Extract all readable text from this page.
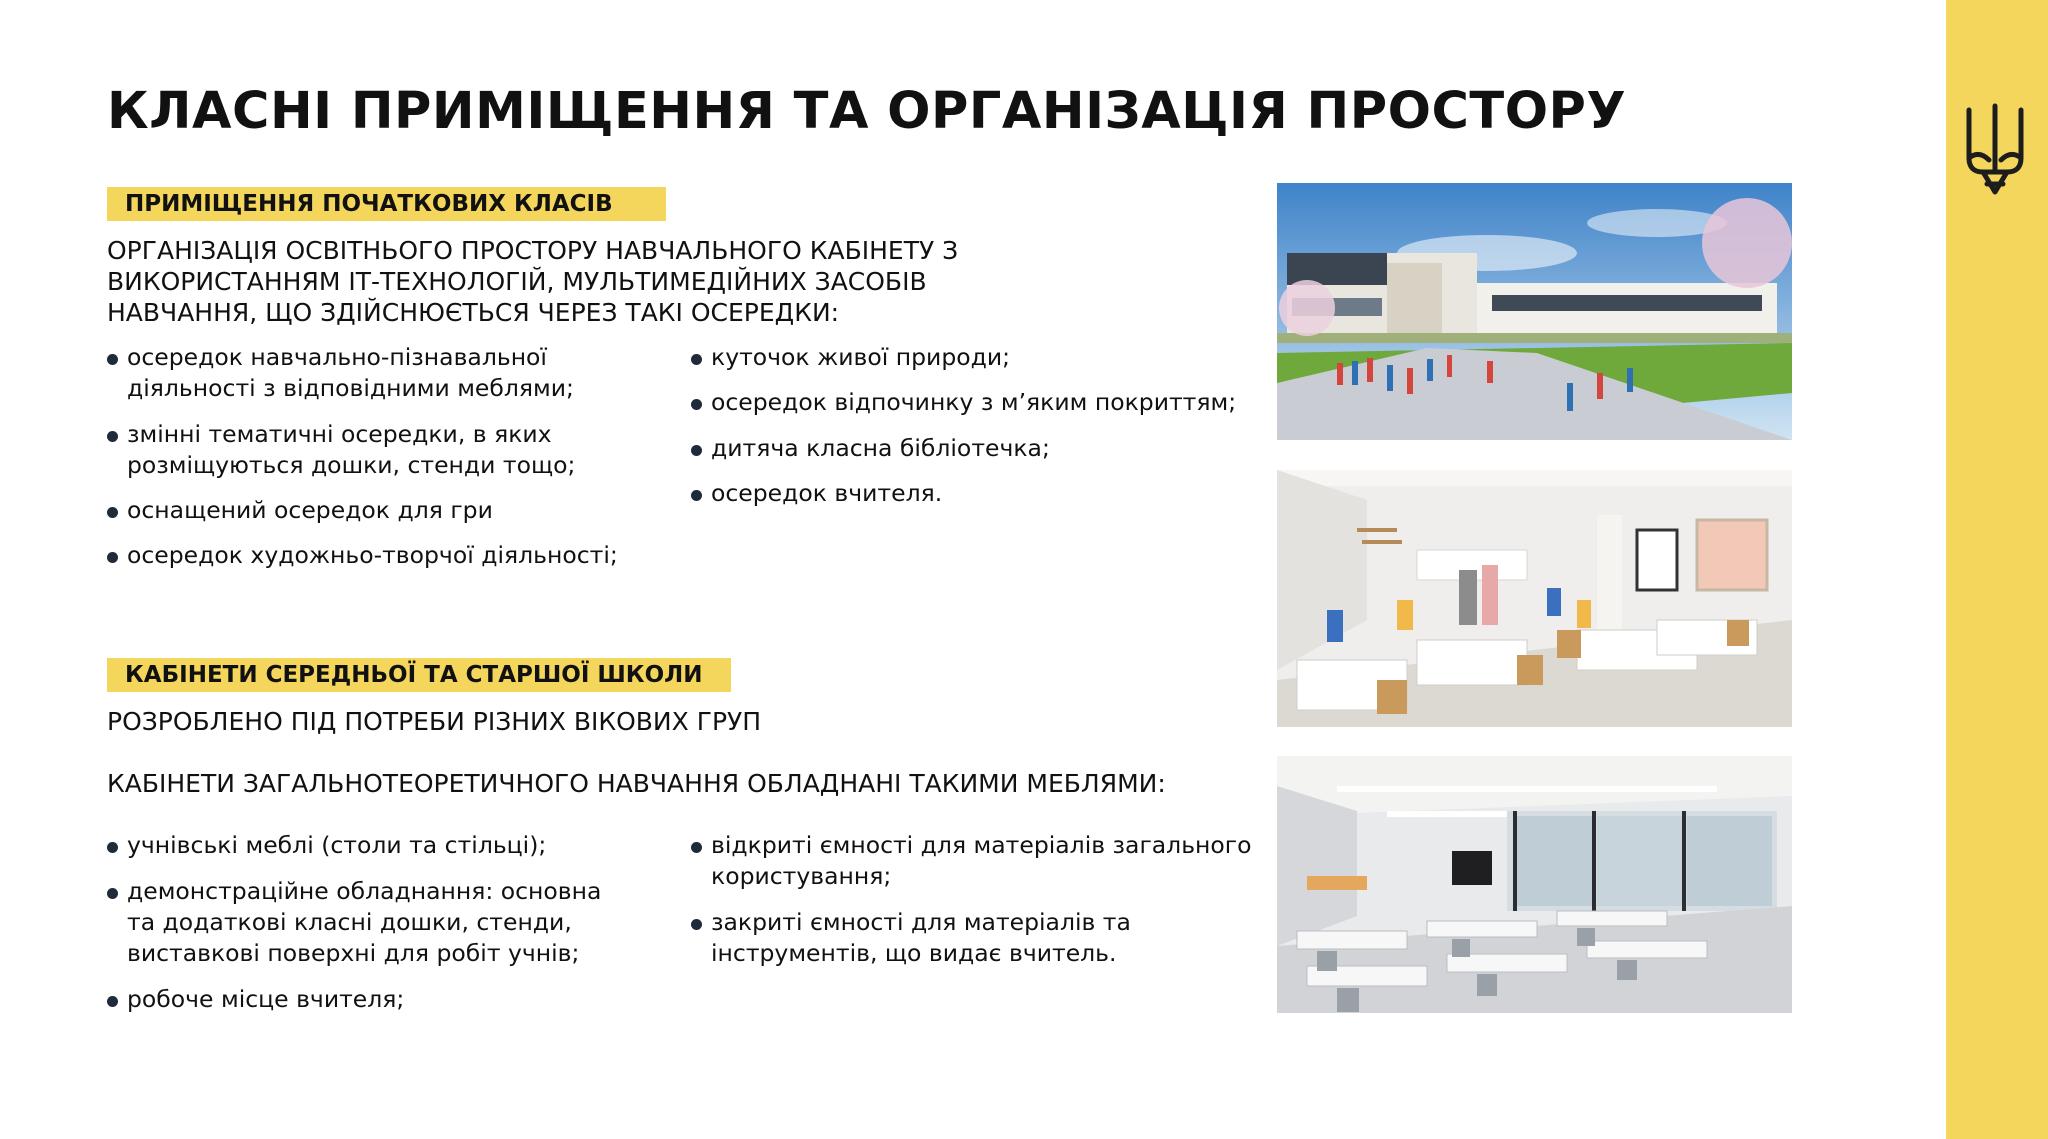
КЛАСНІ ПРИМІЩЕННЯ ТА ОРГАНІЗАЦІЯ ПРОСТОРУ
ПРИМІЩЕННЯ ПОЧАТКОВИХ КЛАСІВ

ОРГАНІЗАЦІЯ ОСВІТНЬОГО ПРОСТОРУ НАВЧАЛЬНОГО КАБІНЕТУ З

ВИКОРИСТАННЯМ ІТ-ТЕХНОЛОГІЙ, МУЛЬТИМЕДІЙНИХ ЗАСОБІВ

НАВЧАННЯ, ЩО ЗДІЙСНЮЄТЬСЯ ЧЕРЕЗ ТАКІ ОСЕРЕДКИ:

осередок навчально-пізнавальної
діяльності з відповідними меблями;
змінні тематичні осередки, в яких
розміщуються дошки, стенди тощо;
оснащений осередок для гри
осередок художньо-творчої діяльності;
куточок живої природи;
осередок відпочинку з м’яким покриттям;
дитяча класна бібліотечка;
осередок вчителя.
КАБІНЕТИ СЕРЕДНЬОЇ ТА СТАРШОЇ ШКОЛИ

РОЗРОБЛЕНО ПІД ПОТРЕБИ РІЗНИХ ВІКОВИХ ГРУП

КАБІНЕТИ ЗАГАЛЬНОТЕОРЕТИЧНОГО НАВЧАННЯ ОБЛАДНАНІ ТАКИМИ МЕБЛЯМИ:

учнівські меблі (столи та стільці);
демонстраційне обладнання: основна
та додаткові класні дошки, стенди,
виставкові поверхні для робіт учнів;
робоче місце вчителя;
відкриті ємності для матеріалів загального
користування;
закриті ємності для матеріалів та
інструментів, що видає вчитель.
